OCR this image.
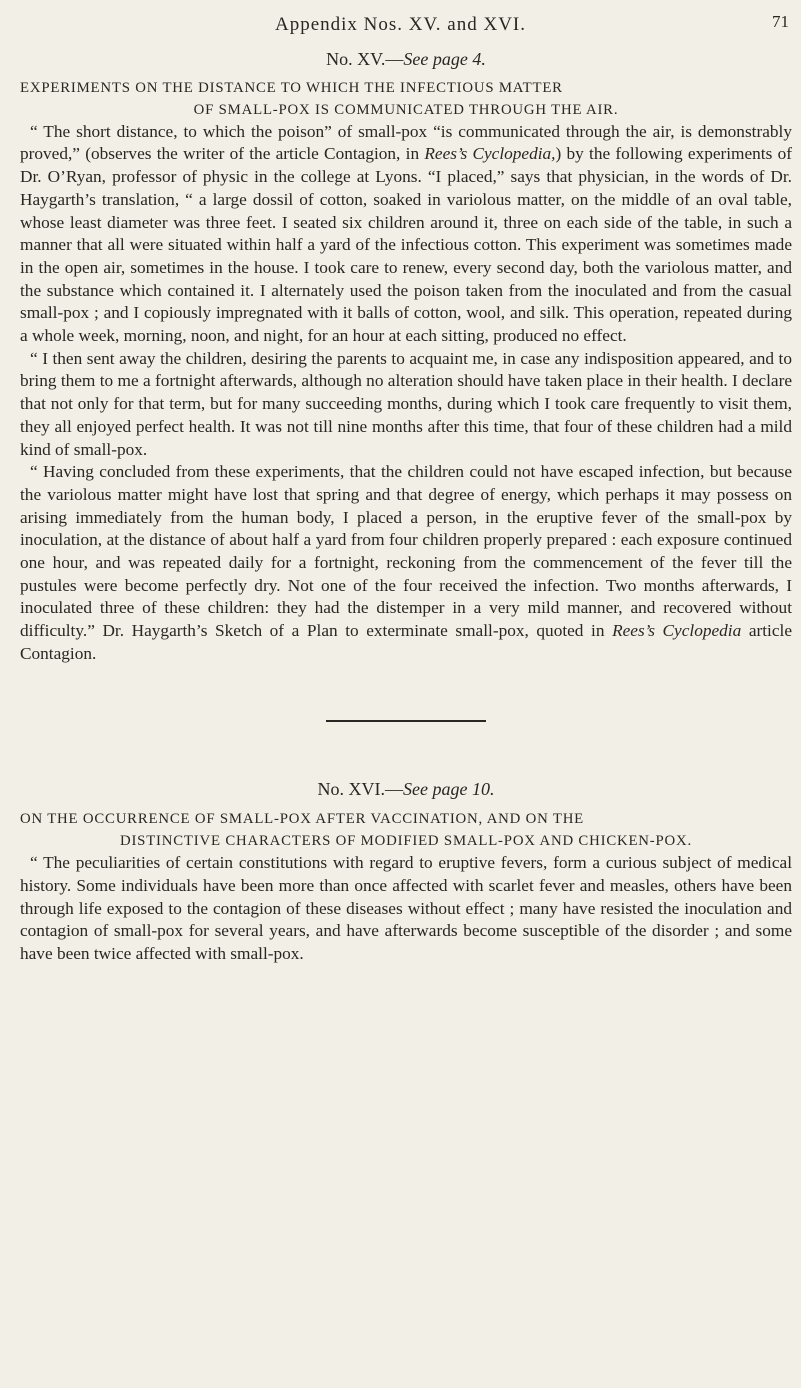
Appendix Nos. XV. and XVI.	71
No. XV.—See page 4.

EXPERIMENTS ON THE DISTANCE TO WHICH THE INFECTIOUS MATTER

OF SMALL-POX IS COMMUNICATED THROUGH THE AIR.

“ The short distance, to which the poison” of small-pox “is communicated through the air, is demonstrably proved,” (observes the writer of the article Contagion, in Rees’s Cyclopedia,) by the following experiments of Dr. O’Ryan, professor of physic in the college at Lyons. “I placed,” says that physician, in the words of Dr. Haygarth’s translation, “ a large dossil of cotton, soaked in variolous matter, on the middle of an oval table, whose least diameter was three feet. I seated six children around it, three on each side of the table, in such a manner that all were situated within half a yard of the infectious cotton. This experiment was sometimes made in the open air, sometimes in the house. I took care to renew, every second day, both the variolous matter, and the substance which contained it. I alternately used the poison taken from the inoculated and from the casual small-pox ; and I copiously impregnated with it balls of cotton, wool, and silk. This operation, repeated during a whole week, morning, noon, and night, for an hour at each sitting, produced no effect.

“ I then sent away the children, desiring the parents to acquaint me, in case any indisposition appeared, and to bring them to me a fortnight afterwards, although no alteration should have taken place in their health. I declare that not only for that term, but for many succeeding months, during which I took care frequently to visit them, they all enjoyed perfect health. It was not till nine months after this time, that four of these children had a mild kind of small-pox.

“ Having concluded from these experiments, that the children could not have escaped infection, but because the variolous matter might have lost that spring and that degree of energy, which perhaps it may possess on arising immediately from the human body, I placed a person, in the eruptive fever of the small-pox by inoculation, at the distance of about half a yard from four children properly prepared : each exposure continued one hour, and was repeated daily for a fortnight, reckoning from the commencement of the fever till the pustules were become perfectly dry. Not one of the four received the infection. Two months afterwards, I inoculated three of these children: they had the distemper in a very mild manner, and recovered without difficulty.” Dr. Haygarth’s Sketch of a Plan to exterminate small-pox, quoted in Rees’s Cyclopedia article Contagion.

No. XVI.—See page 10.

ON THE OCCURRENCE OF SMALL-POX AFTER VACCINATION, AND ON THE

DISTINCTIVE CHARACTERS OF MODIFIED SMALL-POX AND CHICKEN-POX.

“ The peculiarities of certain constitutions with regard to eruptive fevers, form a curious subject of medical history. Some individuals have been more than once affected with scarlet fever and measles, others have been through life exposed to the contagion of these diseases without effect ; many have resisted the inoculation and contagion of small-pox for several years, and have afterwards become susceptible of the disorder ; and some have been twice affected with small-pox.
